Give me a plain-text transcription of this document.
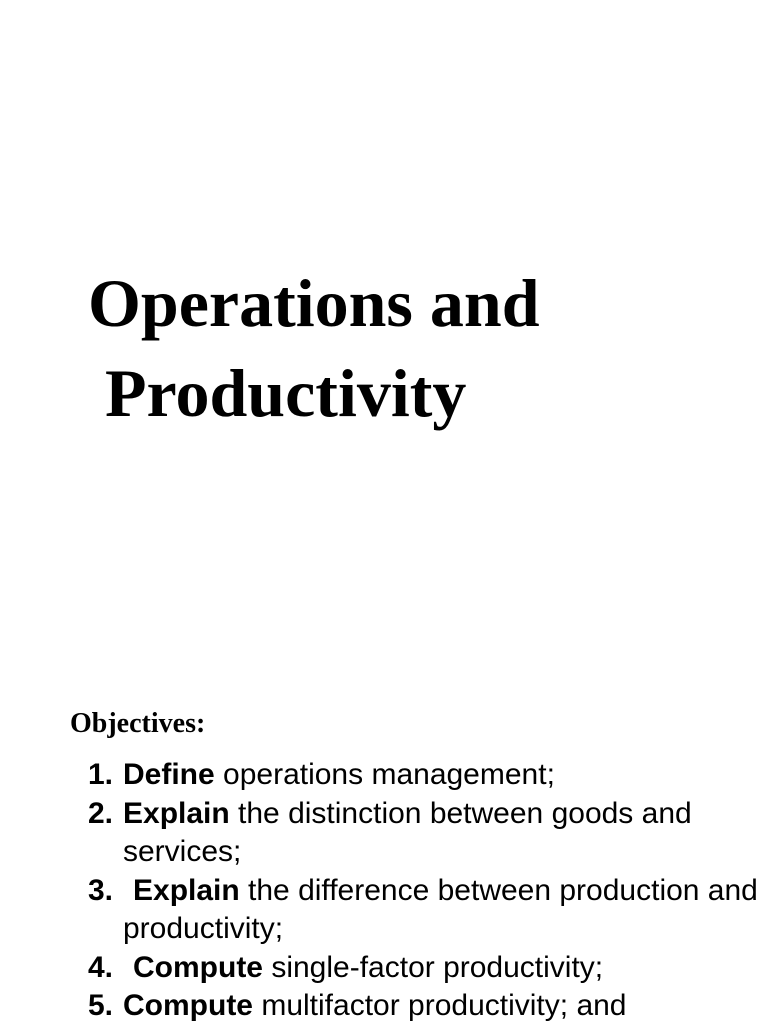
Operations and
Productivity
Objectives:
1. Define operations management;
2. Explain the distinction between goods and services;
3. Explain the difference between production and productivity;
4. Compute single-factor productivity;
5. Compute multifactor productivity; and
